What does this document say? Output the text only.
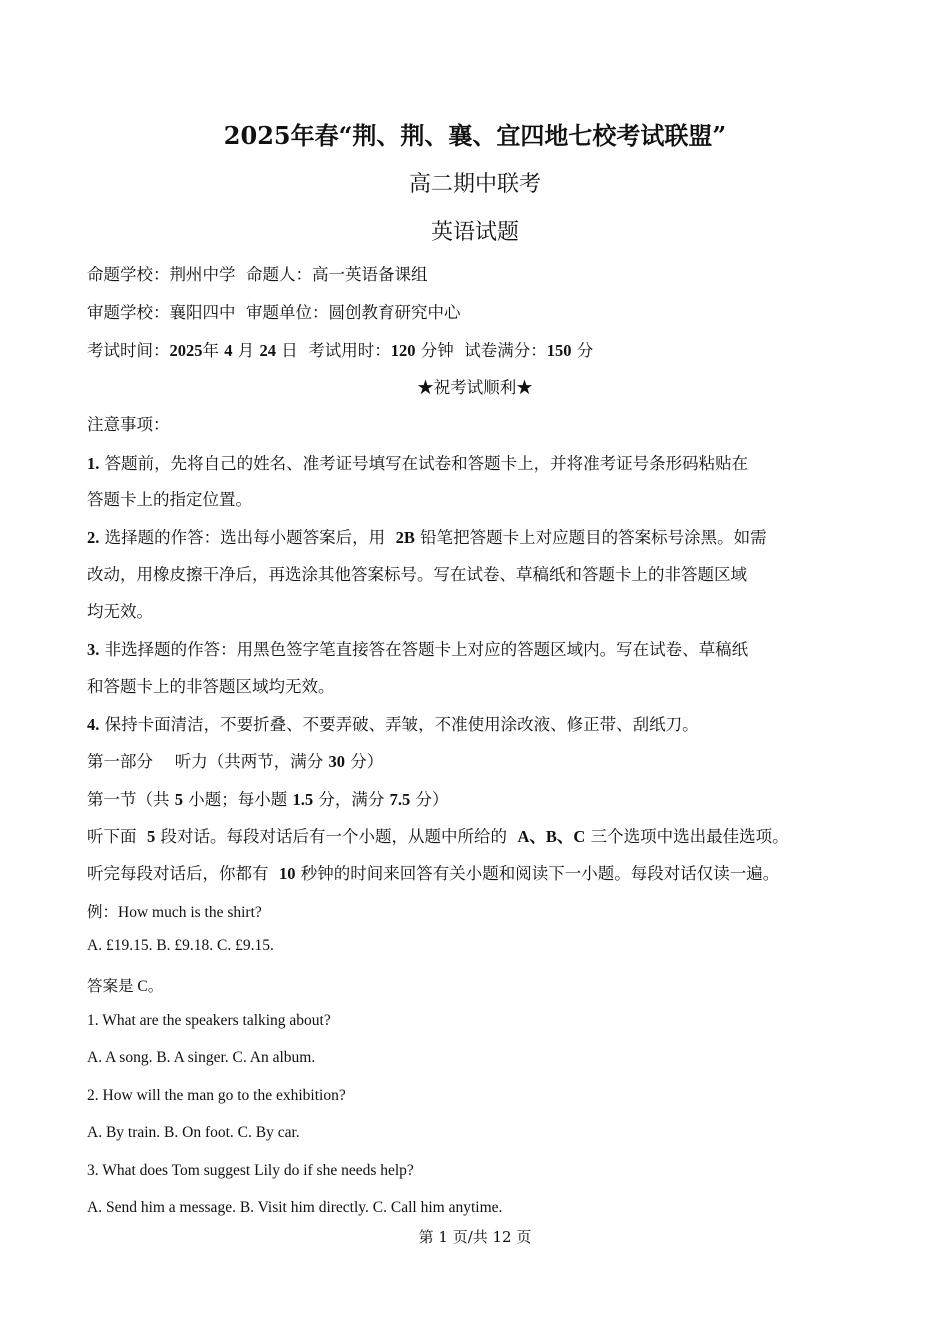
2025年春“荆、荆、襄、宜四地七校考试联盟”
高二期中联考
英语试题
命题学校：荆州中学 命题人：高一英语备课组
审题学校：襄阳四中 审题单位：圆创教育研究中心
考试时间：2025年 4 月 24 日 考试用时：120 分钟 试卷满分：150 分
★祝考试顺利★
注意事项：
1. 答题前，先将自己的姓名、准考证号填写在试卷和答题卡上，并将准考证号条形码粘贴在
答题卡上的指定位置。
2. 选择题的作答：选出每小题答案后，用 2B 铅笔把答题卡上对应题目的答案标号涂黑。如需
改动，用橡皮擦干净后，再选涂其他答案标号。写在试卷、草稿纸和答题卡上的非答题区域
均无效。
3. 非选择题的作答：用黑色签字笔直接答在答题卡上对应的答题区域内。写在试卷、草稿纸
和答题卡上的非答题区域均无效。
4. 保持卡面清洁，不要折叠、不要弄破、弄皱，不准使用涂改液、修正带、刮纸刀。
第一部分　 听力（共两节，满分 30 分）
第一节（共 5 小题；每小题 1.5 分，满分 7.5 分）
听下面 5 段对话。每段对话后有一个小题，从题中所给的 A、B、C 三个选项中选出最佳选项。
听完每段对话后，你都有 10 秒钟的时间来回答有关小题和阅读下一小题。每段对话仅读一遍。
例：How much is the shirt?
A. £19.15. B. £9.18. C. £9.15.
答案是 C。
1. What are the speakers talking about?
A. A song. B. A singer. C. An album.
2. How will the man go to the exhibition?
A. By train. B. On foot. C. By car.
3. What does Tom suggest Lily do if she needs help?
A. Send him a message. B. Visit him directly. C. Call him anytime.
第 1 页/共 12 页
